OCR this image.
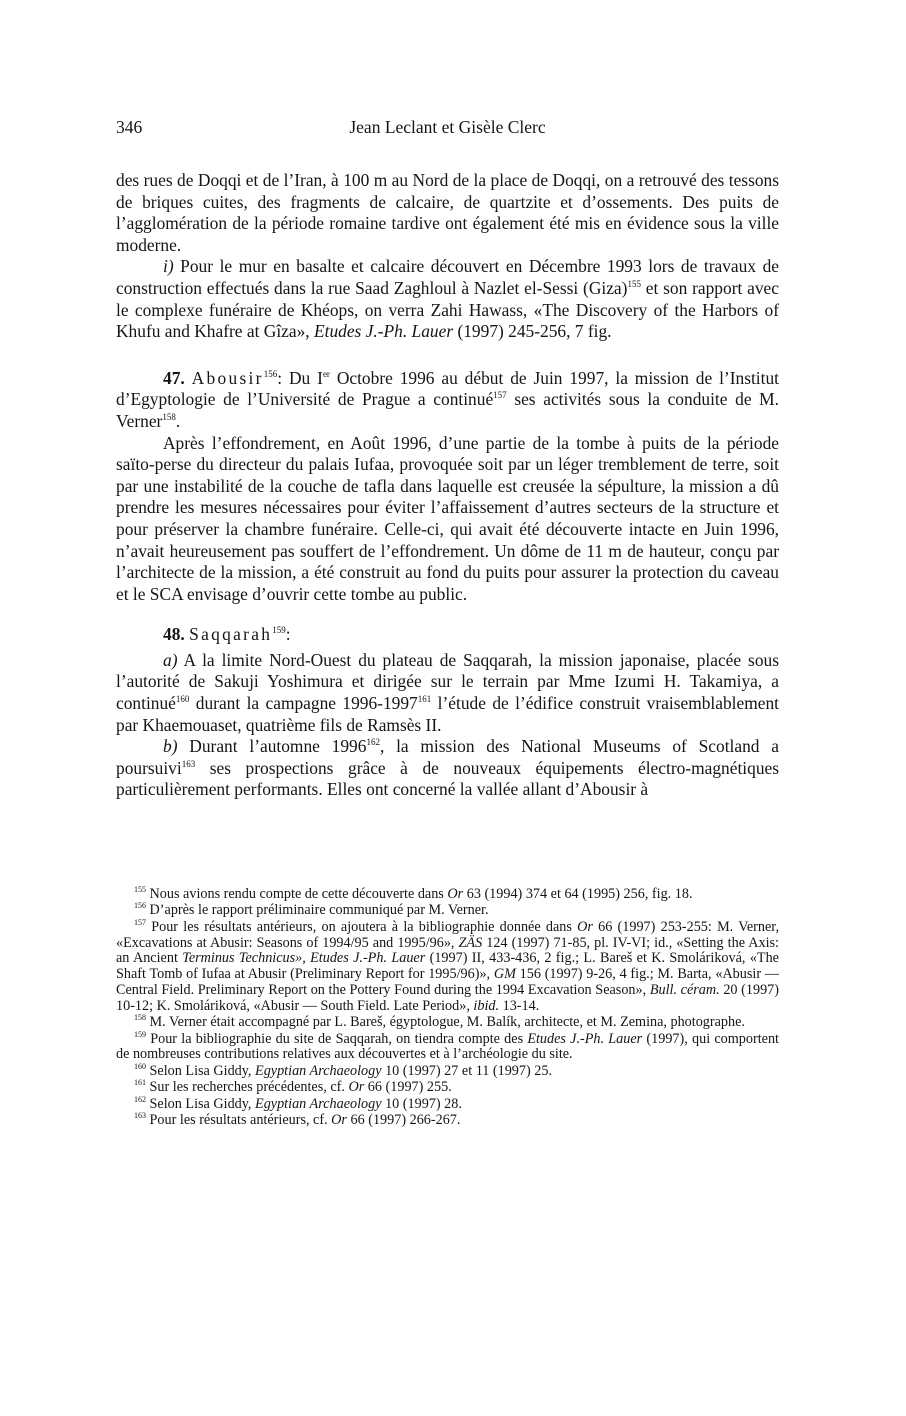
346	Jean Leclant et Gisèle Clerc

des rues de Doqqi et de l’Iran, à 100 m au Nord de la place de Doqqi, on a retrouvé des tessons de briques cuites, des fragments de calcaire, de quartzite et d’ossements. Des puits de l’agglomération de la période romaine tardive ont également été mis en évidence sous la ville moderne.

i) Pour le mur en basalte et calcaire découvert en Décembre 1993 lors de travaux de construction effectués dans la rue Saad Zaghloul à Nazlet el-Sessi (Giza)$^{155}$ et son rapport avec le complexe funéraire de Khéops, on verra Zahi Hawass, «The Discovery of the Harbors of Khufu and Khafre at Gîza», Etudes J.-Ph. Lauer (1997) 245-256, 7 fig.

47. Abousir$^{156}$: Du Ier Octobre 1996 au début de Juin 1997, la mission de l’Institut d’Egyptologie de l’Université de Prague a continué$^{157}$ ses activités sous la conduite de M. Verner$^{158}$.

Après l’effondrement, en Août 1996, d’une partie de la tombe à puits de la période saïto-perse du directeur du palais Iufaa, provoquée soit par un léger tremblement de terre, soit par une instabilité de la couche de tafla dans laquelle est creusée la sépulture, la mission a dû prendre les mesures nécessaires pour éviter l’affaissement d’autres secteurs de la structure et pour préserver la chambre funéraire. Celle-ci, qui avait été découverte intacte en Juin 1996, n’avait heureusement pas souffert de l’effondrement. Un dôme de 11 m de hauteur, conçu par l’architecte de la mission, a été construit au fond du puits pour assurer la protection du caveau et le SCA envisage d’ouvrir cette tombe au public.

48. Saqqarah$^{159}$:

a) A la limite Nord-Ouest du plateau de Saqqarah, la mission japonaise, placée sous l’autorité de Sakuji Yoshimura et dirigée sur le terrain par Mme Izumi H. Takamiya, a continué$^{160}$ durant la campagne 1996-1997$^{161}$ l’étude de l’édifice construit vraisemblablement par Khaemouaset, quatrième fils de Ramsès II.

b) Durant l’automne 1996$^{162}$, la mission des National Museums of Scotland a poursuivi$^{163}$ ses prospections grâce à de nouveaux équipements électro-magnétiques particulièrement performants. Elles ont concerné la vallée allant d’Abousir à

$^{155}$ Nous avions rendu compte de cette découverte dans Or 63 (1994) 374 et 64 (1995) 256, fig. 18.

$^{156}$ D’après le rapport préliminaire communiqué par M. Verner.

$^{157}$ Pour les résultats antérieurs, on ajoutera à la bibliographie donnée dans Or 66 (1997) 253-255: M. Verner, «Excavations at Abusir: Seasons of 1994/95 and 1995/96», ZÄS 124 (1997) 71-85, pl. IV-VI; id., «Setting the Axis: an Ancient Terminus Technicus», Etudes J.-Ph. Lauer (1997) II, 433-436, 2 fig.; L. Bareš et K. Smoláriková, «The Shaft Tomb of Iufaa at Abusir (Preliminary Report for 1995/96)», GM 156 (1997) 9-26, 4 fig.; M. Barta, «Abusir — Central Field. Preliminary Report on the Pottery Found during the 1994 Excavation Season», Bull. céram. 20 (1997) 10-12; K. Smoláriková, «Abusir — South Field. Late Period», ibid. 13-14.

$^{158}$ M. Verner était accompagné par L. Bareš, égyptologue, M. Balík, architecte, et M. Zemina, photographe.

$^{159}$ Pour la bibliographie du site de Saqqarah, on tiendra compte des Etudes J.-Ph. Lauer (1997), qui comportent de nombreuses contributions relatives aux découvertes et à l’archéologie du site.

$^{160}$ Selon Lisa Giddy, Egyptian Archaeology 10 (1997) 27 et 11 (1997) 25.

$^{161}$ Sur les recherches précédentes, cf. Or 66 (1997) 255.

$^{162}$ Selon Lisa Giddy, Egyptian Archaeology 10 (1997) 28.

$^{163}$ Pour les résultats antérieurs, cf. Or 66 (1997) 266-267.
